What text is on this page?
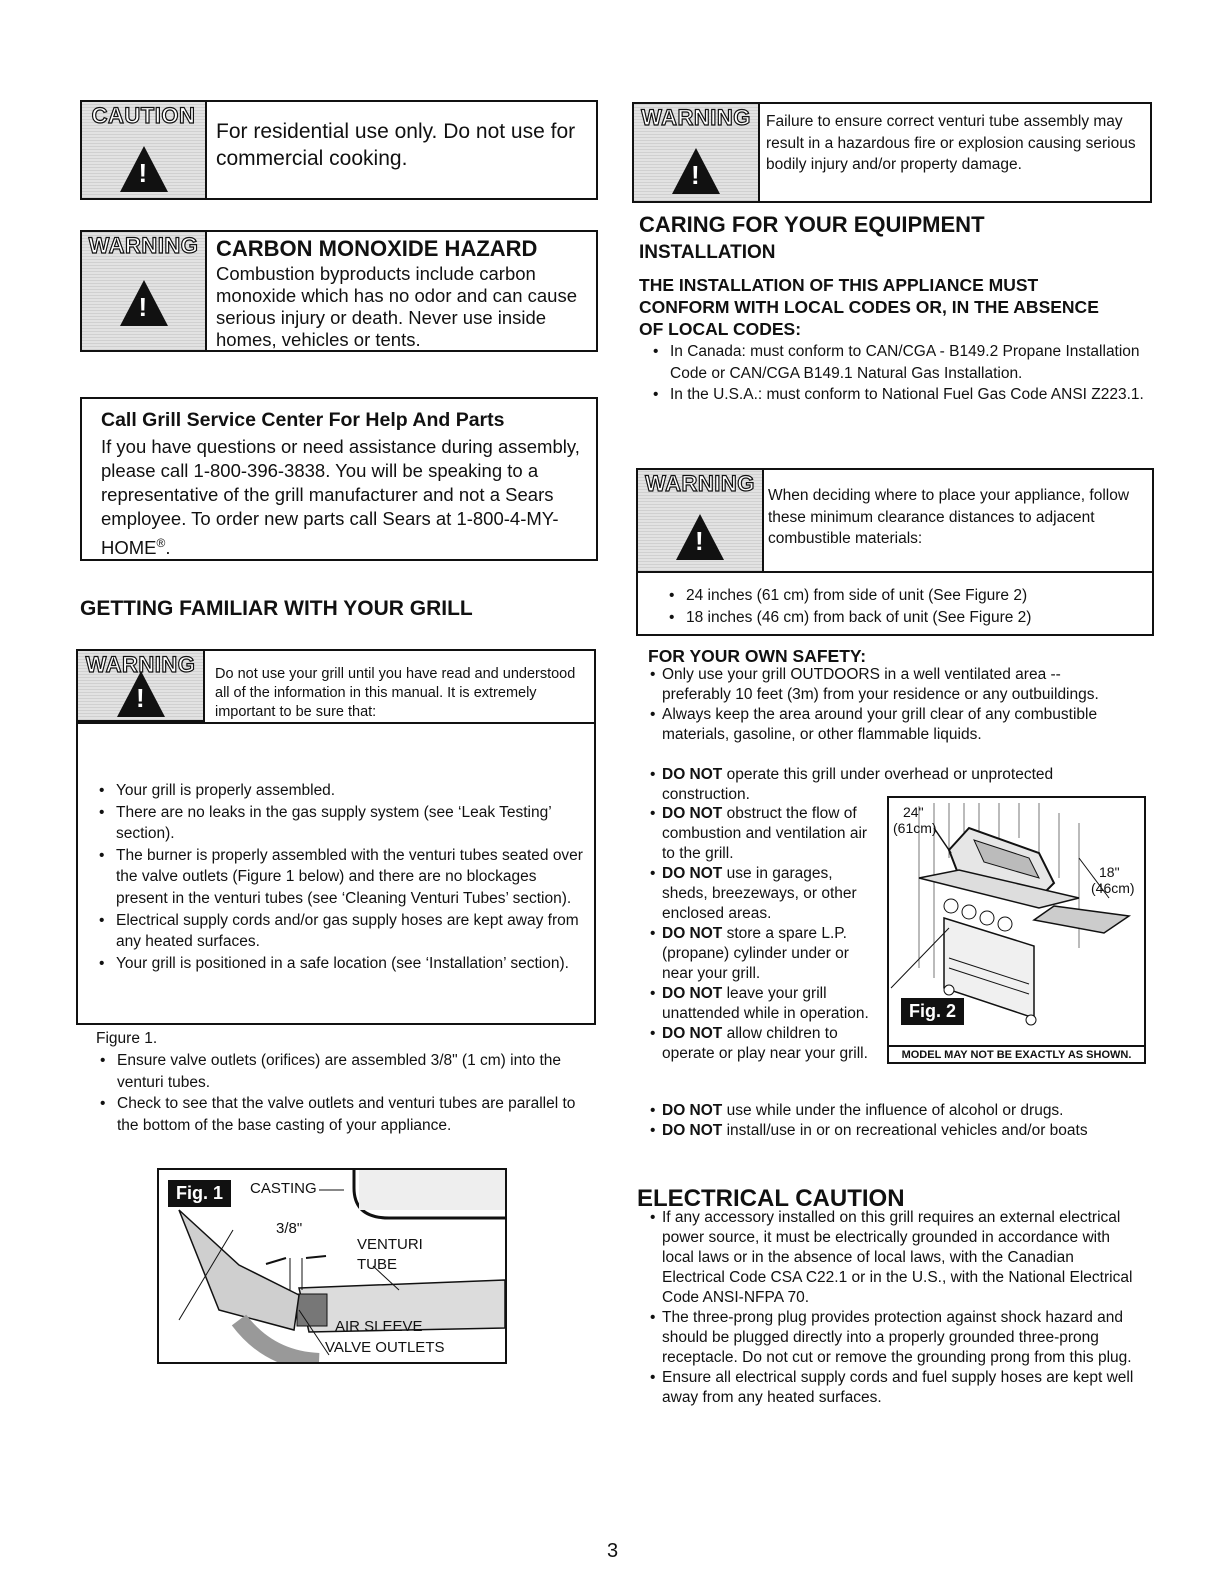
CAUTION
!
For residential use only. Do not use for commercial cooking.
WARNING
!
CARBON MONOXIDE HAZARD
Combustion byproducts include carbon monoxide which has no odor and can cause serious injury or death. Never use inside homes, vehicles or tents.
Call Grill Service Center For Help And Parts
If you have questions or need assistance during assembly, please call 1-800-396-3838. You will be speaking to a representative of the grill manufacturer and not a Sears employee. To order new parts call Sears at 1-800-4-MY-HOME®.
GETTING FAMILIAR WITH YOUR GRILL
WARNING
!
Do not use your grill until you have read and understood all of the information in this manual. It is extremely important to be sure that:
• Your grill is properly assembled.
• There are no leaks in the gas supply system (see ‘Leak Testing’ section).
• The burner is properly assembled with the venturi tubes seated over the valve outlets (Figure 1 below) and there are no blockages present in the venturi tubes (see ‘Cleaning Venturi Tubes’ section).
• Electrical supply cords and/or gas supply hoses are kept away from any heated surfaces.
• Your grill is positioned in a safe location (see ‘Installation’ section).
Figure 1.
• Ensure valve outlets (orifices) are assembled 3/8" (1 cm) into the venturi tubes.
• Check to see that the valve outlets and venturi tubes are parallel to the bottom of the base casting of your appliance.
Fig. 1	CASTING
3/8"
VENTURI
TUBE
AIR SLEEVE
VALVE OUTLETS
WARNING
!
Failure to ensure correct venturi tube assembly may result in a hazardous fire or explosion causing serious bodily injury and/or property damage.
CARING FOR YOUR EQUIPMENT
INSTALLATION
THE INSTALLATION OF THIS APPLIANCE MUST CONFORM WITH LOCAL CODES OR, IN THE ABSENCE OF LOCAL CODES:
• In Canada: must conform to CAN/CGA - B149.2 Propane Installation Code or CAN/CGA B149.1 Natural Gas Installation.
• In the U.S.A.: must conform to National Fuel Gas Code ANSI Z223.1.
WARNING
!
When deciding where to place your appliance, follow these minimum clearance distances to adjacent combustible materials:
• 24 inches (61 cm) from side of unit (See Figure 2)
• 18 inches (46 cm) from back of unit (See Figure 2)
FOR YOUR OWN SAFETY:
• Only use your grill OUTDOORS in a well ventilated area -- preferably 10 feet (3m) from your residence or any outbuildings.
• Always keep the area around your grill clear of any combustible materials, gasoline, or other flammable liquids.
• DO NOT operate this grill under overhead or unprotected construction.
• DO NOT obstruct the flow of combustion and ventilation air to the grill.
• DO NOT use in garages, sheds, breezeways, or other enclosed areas.
• DO NOT store a spare L.P. (propane) cylinder under or near your grill.
• DO NOT leave your grill unattended while in operation.
• DO NOT allow children to operate or play near your grill.
• DO NOT use while under the influence of alcohol or drugs.
• DO NOT install/use in or on recreational vehicles and/or boats
24"
(61cm)
18"
(46cm)
Fig. 2
MODEL MAY NOT BE EXACTLY AS SHOWN.
ELECTRICAL CAUTION
• If any accessory installed on this grill requires an external electrical power source, it must be electrically grounded in accordance with local laws or in the absence of local laws, with the Canadian Electrical Code CSA C22.1 or in the U.S., with the National Electrical Code ANSI-NFPA 70.
• The three-prong plug provides protection against shock hazard and should be plugged directly into a properly grounded three-prong receptacle. Do not cut or remove the grounding prong from this plug.
• Ensure all electrical supply cords and fuel supply hoses are kept well away from any heated surfaces.
3
